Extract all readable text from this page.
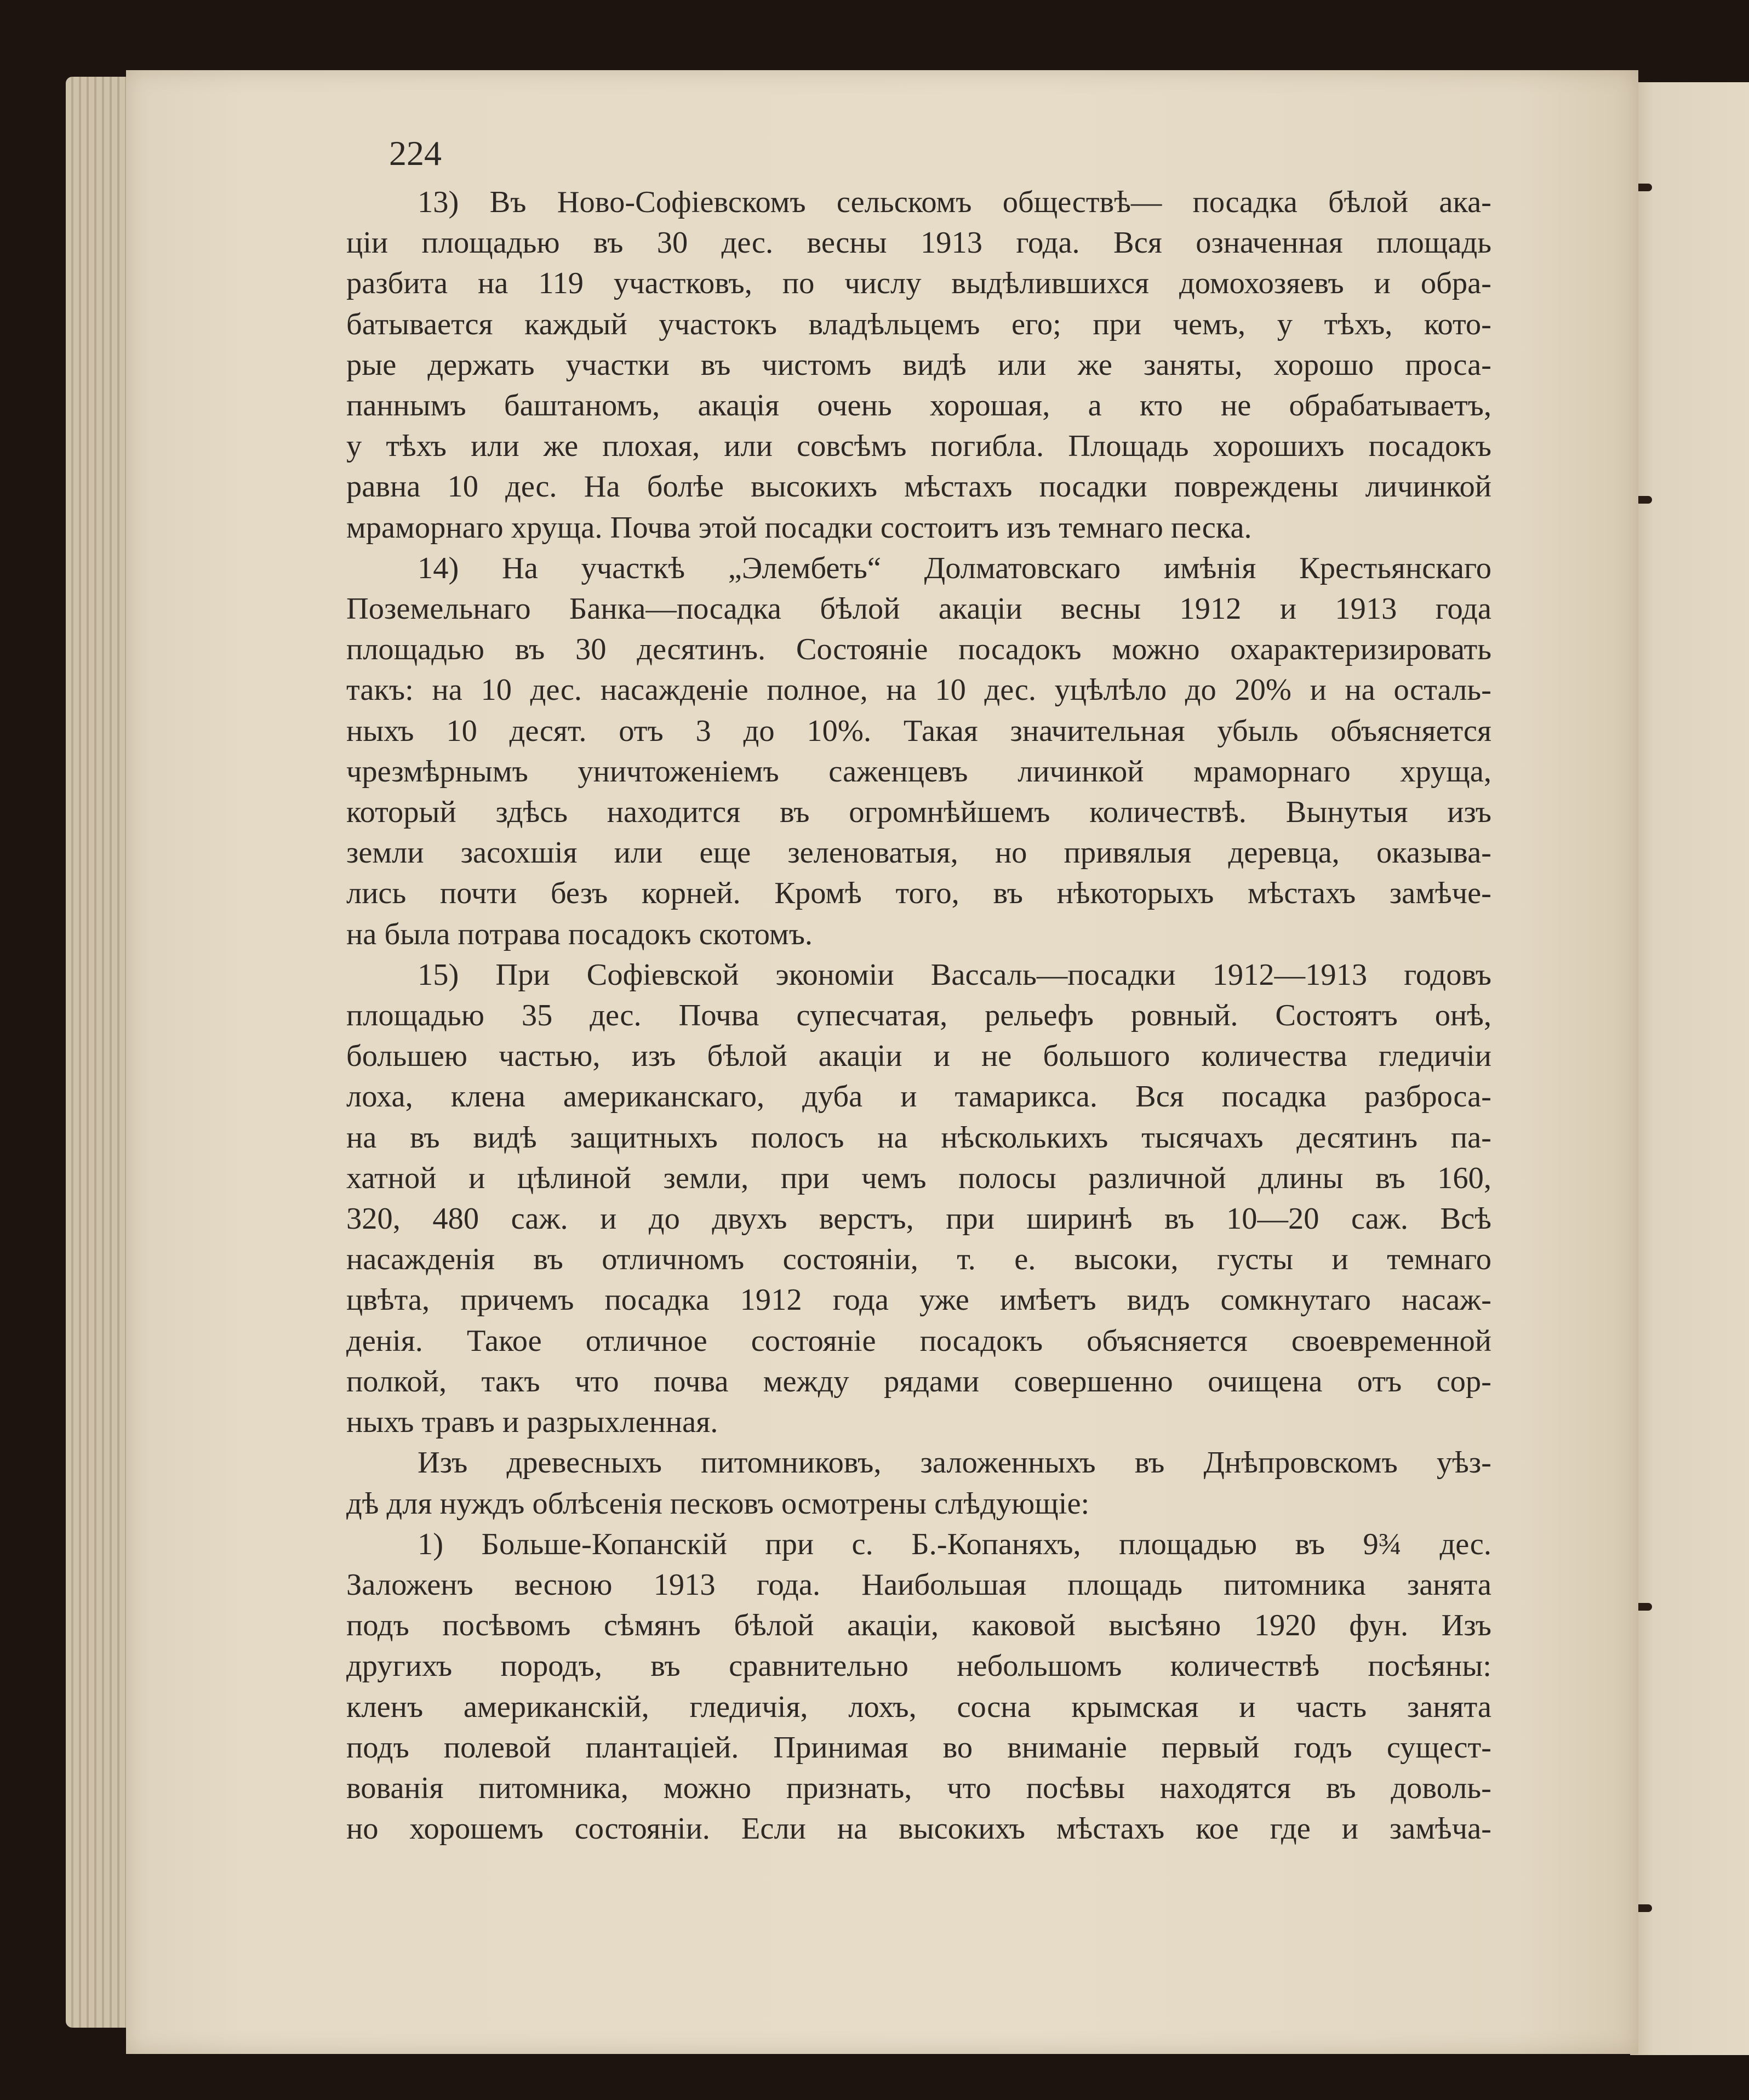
224
13) Въ Ново-Софіевскомъ сельскомъ обществѣ— посадка бѣлой ака-
ціи площадью въ 30 дес. весны 1913 года. Вся означенная площадь
разбита на 119 участковъ, по числу выдѣлившихся домохозяевъ и обра-
батывается каждый участокъ владѣльцемъ его; при чемъ, у тѣхъ, кото-
рые держать участки въ чистомъ видѣ или же заняты, хорошо проса-
паннымъ баштаномъ, акація очень хорошая, а кто не обрабатываетъ,
у тѣхъ или же плохая, или совсѣмъ погибла. Площадь хорошихъ посадокъ
равна 10 дес. На болѣе высокихъ мѣстахъ посадки повреждены личинкой
мраморнаго хруща. Почва этой посадки состоитъ изъ темнаго песка.
14) На участкѣ „Элембеть“ Долматовскаго имѣнія Крестьянскаго
Поземельнаго Банка—посадка бѣлой акаціи весны 1912 и 1913 года
площадью въ 30 десятинъ. Состояніе посадокъ можно охарактеризировать
такъ: на 10 дес. насажденіе полное, на 10 дес. уцѣлѣло до 20% и на осталь-
ныхъ 10 десят. отъ 3 до 10%. Такая значительная убыль объясняется
чрезмѣрнымъ уничтоженіемъ саженцевъ личинкой мраморнаго хруща,
который здѣсь находится въ огромнѣйшемъ количествѣ. Вынутыя изъ
земли засохшія или еще зеленоватыя, но привялыя деревца, оказыва-
лись почти безъ корней. Кромѣ того, въ нѣкоторыхъ мѣстахъ замѣче-
на была потрава посадокъ скотомъ.
15) При Софіевской экономіи Вассаль—посадки 1912—1913 годовъ
площадью 35 дес. Почва супесчатая, рельефъ ровный. Состоятъ онѣ,
большею частью, изъ бѣлой акаціи и не большого количества гледичіи
лоха, клена американскаго, дуба и тамарикса. Вся посадка разброса-
на въ видѣ защитныхъ полосъ на нѣсколькихъ тысячахъ десятинъ па-
хатной и цѣлиной земли, при чемъ полосы различной длины въ 160,
320, 480 саж. и до двухъ верстъ, при ширинѣ въ 10—20 саж. Всѣ
насажденія въ отличномъ состояніи, т. е. высоки, густы и темнаго
цвѣта, причемъ посадка 1912 года уже имѣетъ видъ сомкнутаго насаж-
денія. Такое отличное состояніе посадокъ объясняется своевременной
полкой, такъ что почва между рядами совершенно очищена отъ сор-
ныхъ травъ и разрыхленная.
Изъ древесныхъ питомниковъ, заложенныхъ въ Днѣпровскомъ уѣз-
дѣ для нуждъ облѣсенія песковъ осмотрены слѣдующіе:
1) Больше-Копанскій при с. Б.-Копаняхъ, площадью въ 9¾ дес.
Заложенъ весною 1913 года. Наибольшая площадь питомника занята
подъ посѣвомъ сѣмянъ бѣлой акаціи, каковой высѣяно 1920 фун. Изъ
другихъ породъ, въ сравнительно небольшомъ количествѣ посѣяны:
кленъ американскій, гледичія, лохъ, сосна крымская и часть занята
подъ полевой плантаціей. Принимая во вниманіе первый годъ сущест-
вованія питомника, можно признать, что посѣвы находятся въ доволь-
но хорошемъ состояніи. Если на высокихъ мѣстахъ кое где и замѣча-
